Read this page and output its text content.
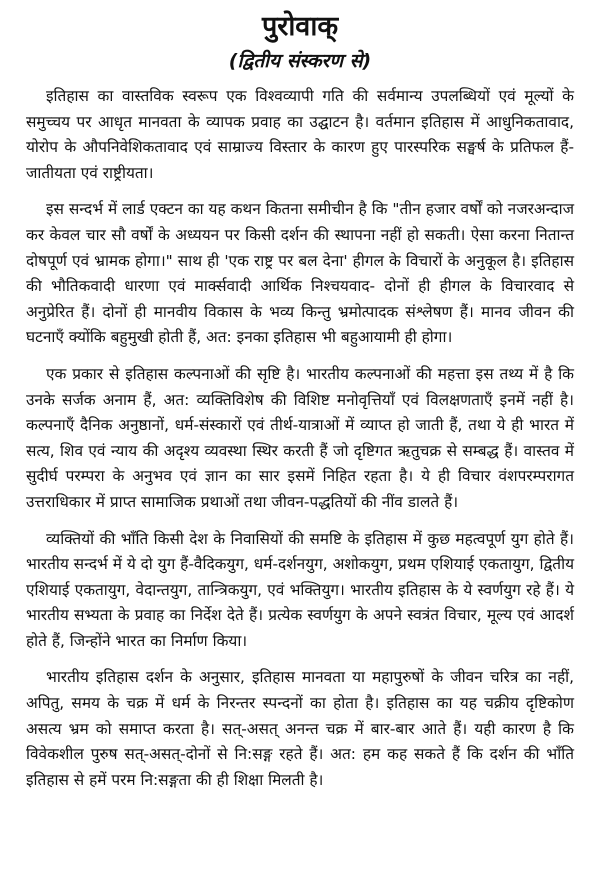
पुरोवाक्
(द्वितीय संस्करण से)

इतिहास का वास्तविक स्वरूप एक विश्वव्यापी गति की सर्वमान्य उपलब्धियों एवं मूल्यों के समुच्चय पर आधृत मानवता के व्यापक प्रवाह का उद्घाटन है। वर्तमान इतिहास में आधुनिकतावाद, योरोप के औपनिवेशिकतावाद एवं साम्राज्य विस्तार के कारण हुए पारस्परिक सङ्घर्ष के प्रतिफल हैं- जातीयता एवं राष्ट्रीयता।

इस सन्दर्भ में लार्ड एक्टन का यह कथन कितना समीचीन है कि "तीन हजार वर्षों को नजरअन्दाज कर केवल चार सौ वर्षों के अध्ययन पर किसी दर्शन की स्थापना नहीं हो सकती। ऐसा करना नितान्त दोषपूर्ण एवं भ्रामक होगा।" साथ ही 'एक राष्ट्र पर बल देना' हीगल के विचारों के अनुकूल है। इतिहास की भौतिकवादी धारणा एवं मार्क्सवादी आर्थिक निश्चयवाद- दोनों ही हीगल के विचारवाद से अनुप्रेरित हैं। दोनों ही मानवीय विकास के भव्य किन्तु भ्रमोत्पादक संश्लेषण हैं। मानव जीवन की घटनाएँ क्योंकि बहुमुखी होती हैं, अत: इनका इतिहास भी बहुआयामी ही होगा।

एक प्रकार से इतिहास कल्पनाओं की सृष्टि है। भारतीय कल्पनाओं की महत्ता इस तथ्य में है कि उनके सर्जक अनाम हैं, अत: व्यक्तिविशेष की विशिष्ट मनोवृत्तियाँ एवं विलक्षणताएँ इनमें नहीं है। कल्पनाएँ दैनिक अनुष्ठानों, धर्म-संस्कारों एवं तीर्थ-यात्राओं में व्याप्त हो जाती हैं, तथा ये ही भारत में सत्य, शिव एवं न्याय की अदृश्य व्यवस्था स्थिर करती हैं जो दृष्टिगत ऋतुचक्र से सम्बद्ध हैं। वास्तव में सुदीर्घ परम्परा के अनुभव एवं ज्ञान का सार इसमें निहित रहता है। ये ही विचार वंशपरम्परागत उत्तराधिकार में प्राप्त सामाजिक प्रथाओं तथा जीवन-पद्धतियों की नींव डालते हैं।

व्यक्तियों की भाँति किसी देश के निवासियों की समष्टि के इतिहास में कुछ महत्वपूर्ण युग होते हैं। भारतीय सन्दर्भ में ये दो युग हैं-वैदिकयुग, धर्म-दर्शनयुग, अशोकयुग, प्रथम एशियाई एकतायुग, द्वितीय एशियाई एकतायुग, वेदान्तयुग, तान्त्रिकयुग, एवं भक्तियुग। भारतीय इतिहास के ये स्वर्णयुग रहे हैं। ये भारतीय सभ्यता के प्रवाह का निर्देश देते हैं। प्रत्येक स्वर्णयुग के अपने स्वत्रंत विचार, मूल्य एवं आदर्श होते हैं, जिन्होंने भारत का निर्माण किया।

भारतीय इतिहास दर्शन के अनुसार, इतिहास मानवता या महापुरुषों के जीवन चरित्र का नहीं, अपितु, समय के चक्र में धर्म के निरन्तर स्पन्दनों का होता है। इतिहास का यह चक्रीय दृष्टिकोण असत्य भ्रम को समाप्त करता है। सत्-असत् अनन्त चक्र में बार-बार आते हैं। यही कारण है कि विवेकशील पुरुष सत्-असत्-दोनों से नि:सङ्ग रहते हैं। अत: हम कह सकते हैं कि दर्शन की भाँति इतिहास से हमें परम नि:सङ्गता की ही शिक्षा मिलती है।
